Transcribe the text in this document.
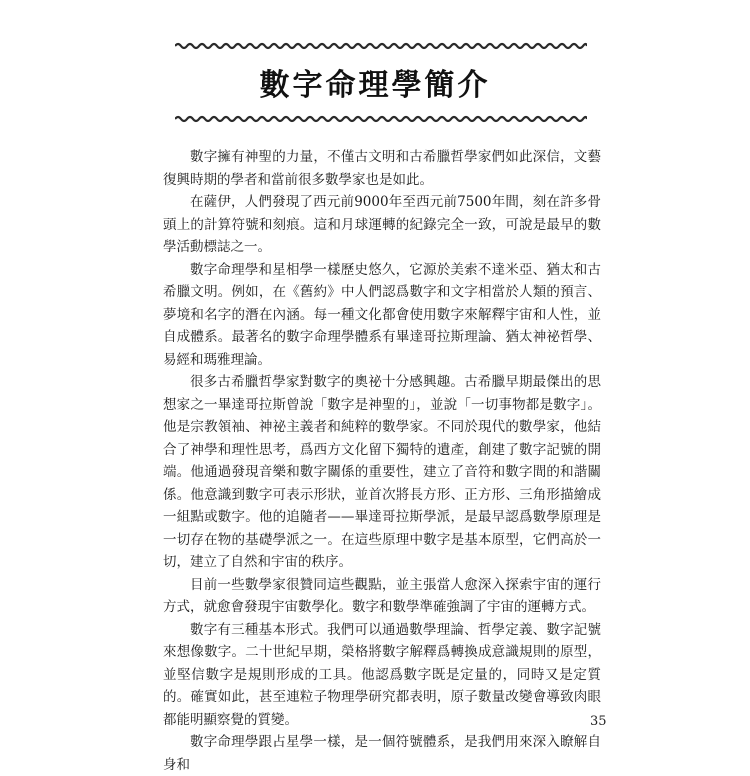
數字命理學簡介

數字擁有神聖的力量，不僅古文明和古希臘哲學家們如此深信，文藝復興時期的學者和當前很多數學家也是如此。

在薩伊，人們發現了西元前9000年至西元前7500年間，刻在許多骨頭上的計算符號和刻痕。這和月球運轉的紀錄完全一致，可說是最早的數學活動標誌之一。

數字命理學和星相學一樣歷史悠久，它源於美索不達米亞、猶太和古希臘文明。例如，在《舊約》中人們認爲數字和文字相當於人類的預言、夢境和名字的潛在內涵。每一種文化都會使用數字來解釋宇宙和人性，並自成體系。最著名的數字命理學體系有畢達哥拉斯理論、猶太神祕哲學、易經和瑪雅理論。

很多古希臘哲學家對數字的奧祕十分感興趣。古希臘早期最傑出的思想家之一畢達哥拉斯曾說「數字是神聖的」，並說「一切事物都是數字」。他是宗教領袖、神祕主義者和純粹的數學家。不同於現代的數學家，他結合了神學和理性思考，爲西方文化留下獨特的遺產，創建了數字記號的開端。他通過發現音樂和數字關係的重要性，建立了音符和數字間的和諧關係。他意識到數字可表示形狀，並首次將長方形、正方形、三角形描繪成一組點或數字。他的追隨者——畢達哥拉斯學派，是最早認爲數學原理是一切存在物的基礎學派之一。在這些原理中數字是基本原型，它們高於一切，建立了自然和宇宙的秩序。

目前一些數學家很贊同這些觀點，並主張當人愈深入探索宇宙的運行方式，就愈會發現宇宙數學化。數字和數學準確強調了宇宙的運轉方式。

數字有三種基本形式。我們可以通過數學理論、哲學定義、數字記號來想像數字。二十世紀早期，榮格將數字解釋爲轉換成意識規則的原型，並堅信數字是規則形成的工具。他認爲數字既是定量的，同時又是定質的。確實如此，甚至連粒子物理學研究都表明，原子數量改變會導致肉眼都能明顯察覺的質變。

數字命理學跟占星學一樣，是一個符號體系，是我們用來深入瞭解自身和

35
